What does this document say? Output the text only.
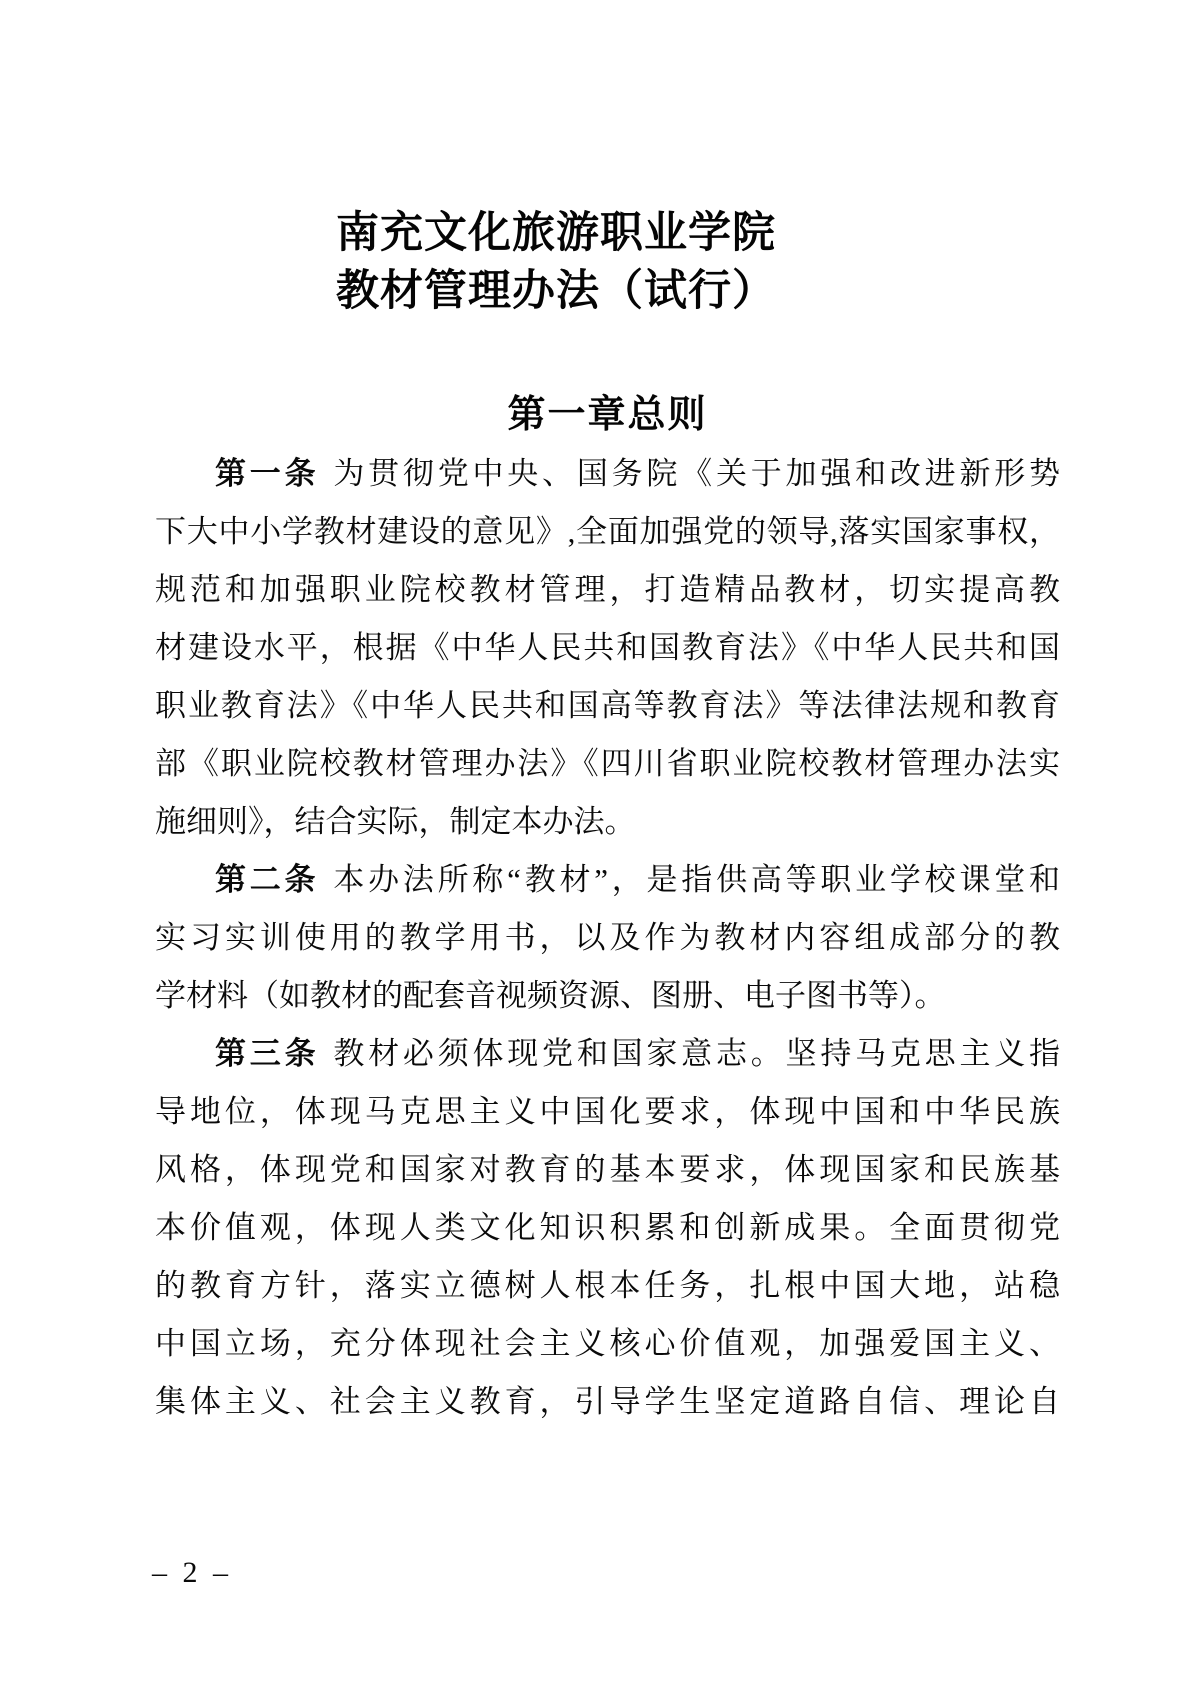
南充文化旅游职业学院
教材管理办法（试行）
第一章总则
第一条 为贯彻党中央、国务院《关于加强和改进新形势
下大中小学教材建设的意见》,全面加强党的领导,落实国家事权，
规范和加强职业院校教材管理，打造精品教材，切实提高教
材建设水平，根据《中华人民共和国教育法》《中华人民共和国
职业教育法》《中华人民共和国高等教育法》等法律法规和教育
部《职业院校教材管理办法》《四川省职业院校教材管理办法实
施细则》，结合实际，制定本办法。
第二条 本办法所称“教材”，是指供高等职业学校课堂和
实习实训使用的教学用书，以及作为教材内容组成部分的教
学材料（如教材的配套音视频资源、图册、电子图书等）。
第三条 教材必须体现党和国家意志。坚持马克思主义指
导地位，体现马克思主义中国化要求，体现中国和中华民族
风格，体现党和国家对教育的基本要求，体现国家和民族基
本价值观，体现人类文化知识积累和创新成果。全面贯彻党
的教育方针，落实立德树人根本任务，扎根中国大地，站稳
中国立场，充分体现社会主义核心价值观，加强爱国主义、
集体主义、社会主义教育，引导学生坚定道路自信、理论自
– 2 –
